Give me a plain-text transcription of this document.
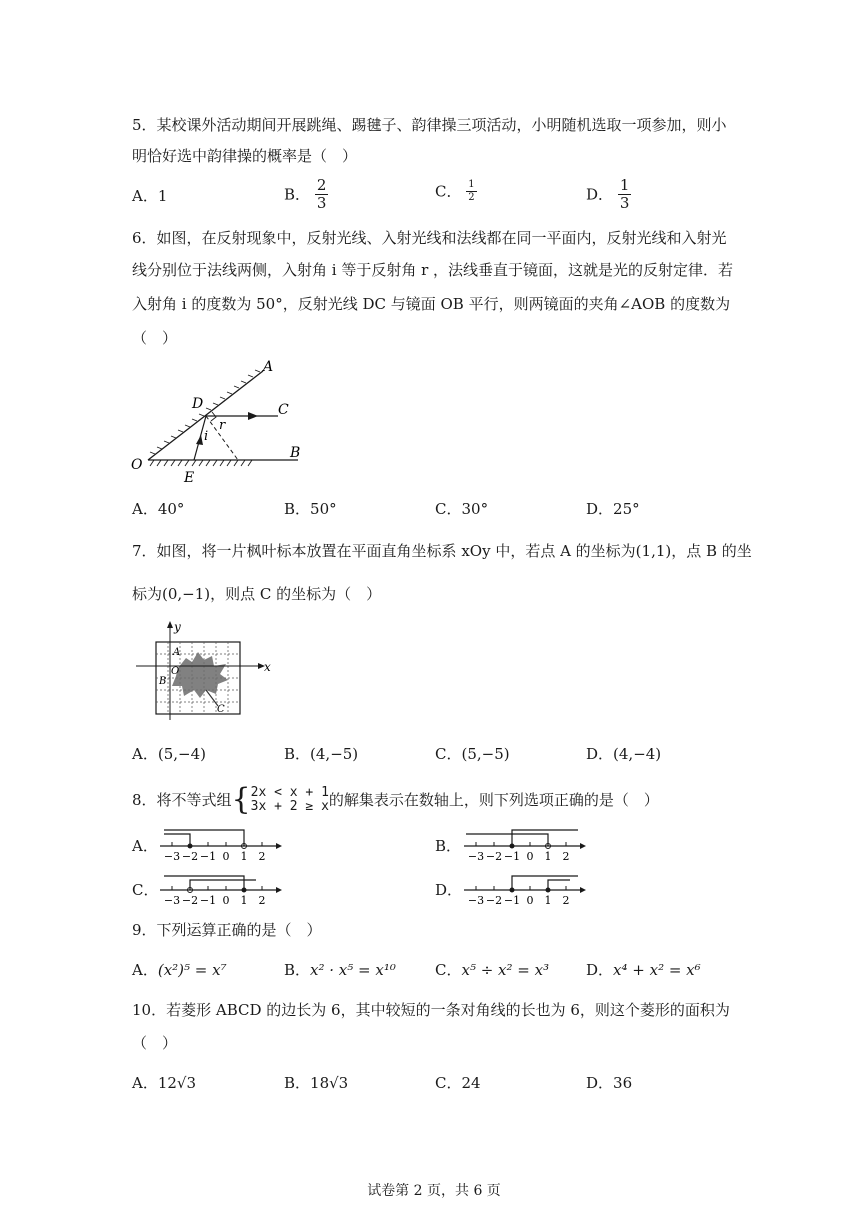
5．某校课外活动期间开展跳绳、踢毽子、韵律操三项活动，小明随机选取一项参加，则小
明恰好选中韵律操的概率是（　）
A．1	B． $\frac{2}{3}$	C． $\frac{1}{2}$	D． $\frac{1}{3}$
6．如图，在反射现象中，反射光线、入射光线和法线都在同一平面内，反射光线和入射光
线分别位于法线两侧，入射角 i 等于反射角 r ，法线垂直于镜面，这就是光的反射定律．若
入射角 i 的度数为 50°，反射光线 DC 与镜面 OB 平行，则两镜面的夹角∠AOB 的度数为
（　）
A
D	C
r
i
O
E
B
A．40°	B．50°	C．30°	D．25°
7．如图，将一片枫叶标本放置在平面直角坐标系 xOy 中，若点 A 的坐标为(1,1)，点 B 的坐
标为(0,−1)，则点 C 的坐标为（　）
y
x
A
O
B
C
A．(5,−4)	B．(4,−5)	C．(5,−5)	D．(4,−4)
8．将不等式组{ 2x < x + 1
3x + 2 ≥ x 的解集表示在数轴上，则下列选项正确的是（　）
A．
−3 −2 −1 0 1 2
B．
−3 −2 −1 0 1 2
C．
−3 −2 −1 0 1 2
D．
−3 −2 −1 0 1 2
9．下列运算正确的是（　）
A．(x²)⁵ = x⁷	B．x² · x⁵ = x¹⁰	C．x⁵ ÷ x² = x³ D．x⁴ + x² = x⁶
10．若菱形 ABCD 的边长为 6，其中较短的一条对角线的长也为 6，则这个菱形的面积为
（　）
A．12√3	B．18√3	C．24	D．36
试卷第 2 页，共 6 页
